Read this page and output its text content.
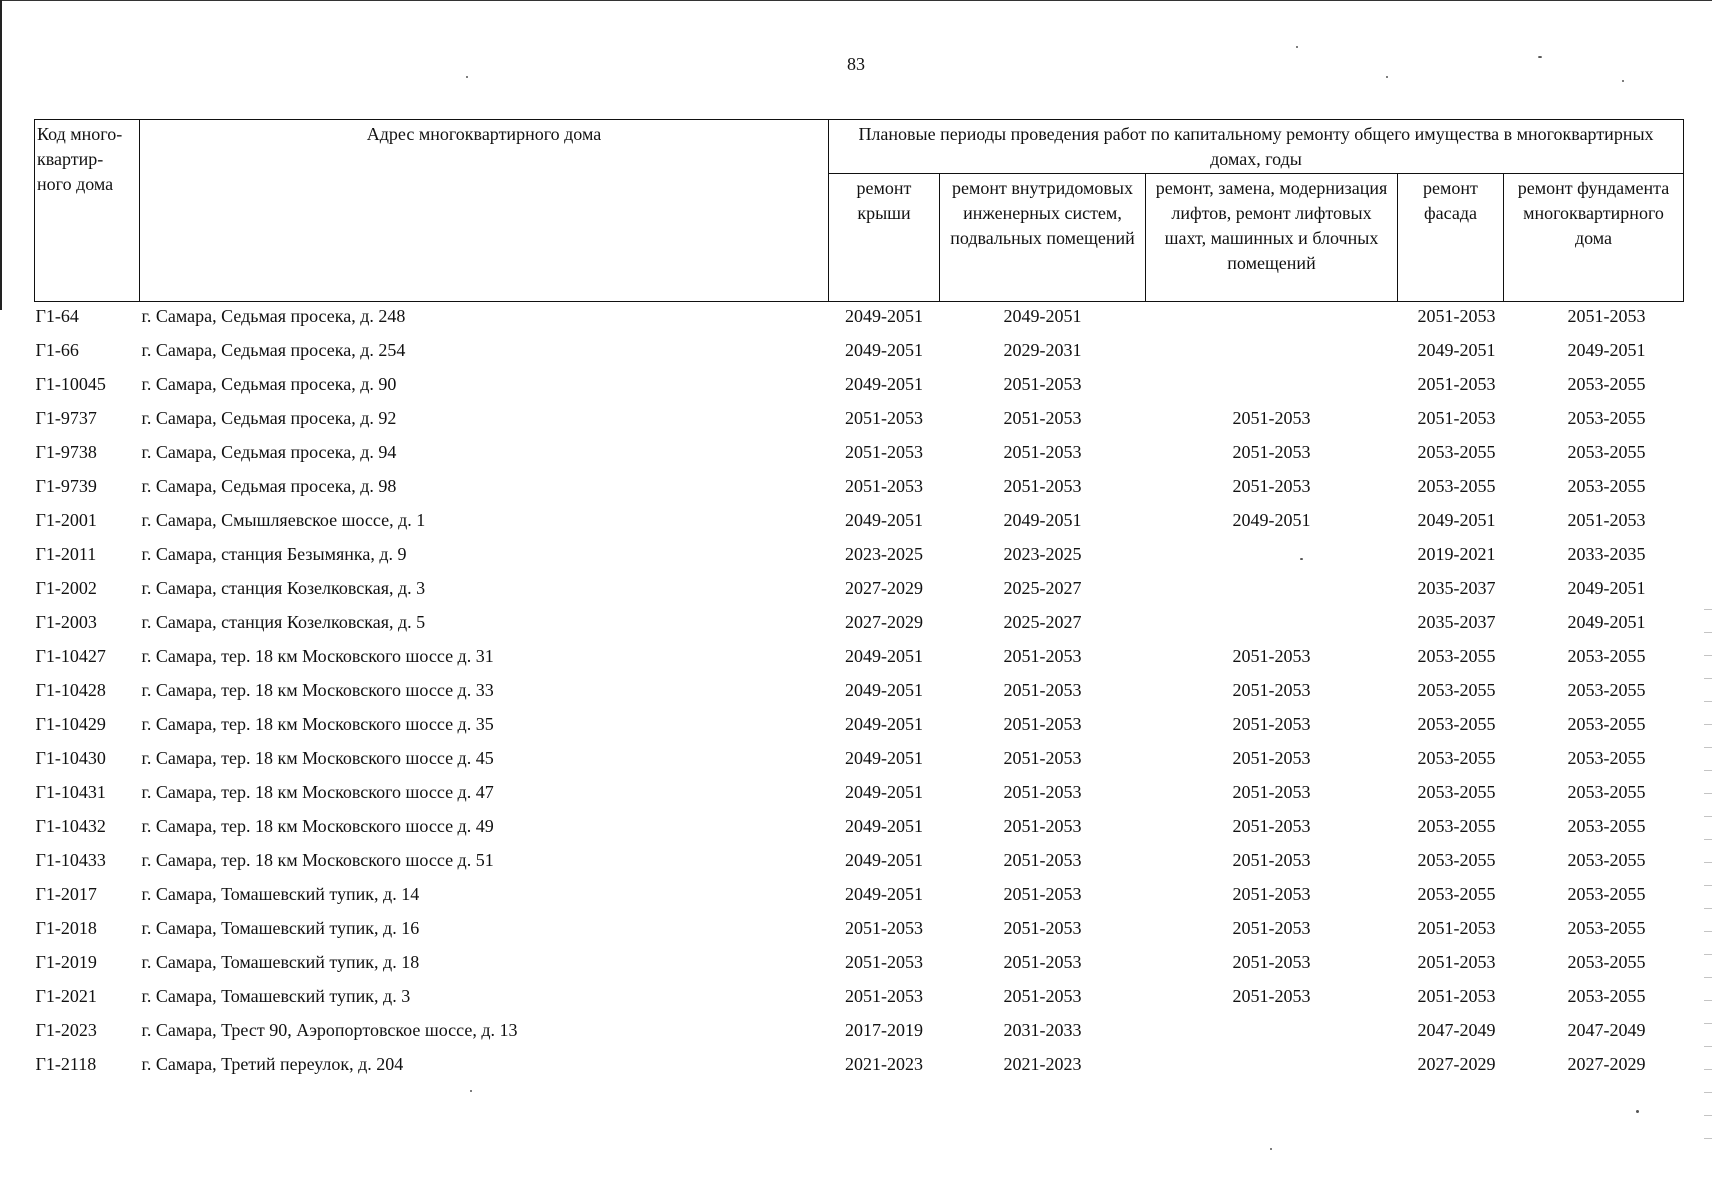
83
Код много-квартир-ного дома	Адрес многоквартирного дома	Плановые периоды проведения работ по капитальному ремонту общего имущества в многоквартирных домах, годы				
		ремонт крыши	ремонт внутридомовых инженерных систем, подвальных помещений	ремонт, замена, модернизация лифтов, ремонт лифтовых шахт, машинных и блочных помещений	ремонт фасада	ремонт фундамента многоквартирного дома
Г1-64	г. Самара, Седьмая просека, д. 248	2049-2051	2049-2051		2051-2053	2051-2053
Г1-66	г. Самара, Седьмая просека, д. 254	2049-2051	2029-2031		2049-2051	2049-2051
Г1-10045	г. Самара, Седьмая просека, д. 90	2049-2051	2051-2053		2051-2053	2053-2055
Г1-9737	г. Самара, Седьмая просека, д. 92	2051-2053	2051-2053	2051-2053	2051-2053	2053-2055
Г1-9738	г. Самара, Седьмая просека, д. 94	2051-2053	2051-2053	2051-2053	2053-2055	2053-2055
Г1-9739	г. Самара, Седьмая просека, д. 98	2051-2053	2051-2053	2051-2053	2053-2055	2053-2055
Г1-2001	г. Самара, Смышляевское шоссе, д. 1	2049-2051	2049-2051	2049-2051	2049-2051	2051-2053
Г1-2011	г. Самара, станция Безымянка, д. 9	2023-2025	2023-2025		2019-2021	2033-2035
Г1-2002	г. Самара, станция Козелковская, д. 3	2027-2029	2025-2027		2035-2037	2049-2051
Г1-2003	г. Самара, станция Козелковская, д. 5	2027-2029	2025-2027		2035-2037	2049-2051
Г1-10427	г. Самара, тер. 18 км Московского шоссе д. 31	2049-2051	2051-2053	2051-2053	2053-2055	2053-2055
Г1-10428	г. Самара, тер. 18 км Московского шоссе д. 33	2049-2051	2051-2053	2051-2053	2053-2055	2053-2055
Г1-10429	г. Самара, тер. 18 км Московского шоссе д. 35	2049-2051	2051-2053	2051-2053	2053-2055	2053-2055
Г1-10430	г. Самара, тер. 18 км Московского шоссе д. 45	2049-2051	2051-2053	2051-2053	2053-2055	2053-2055
Г1-10431	г. Самара, тер. 18 км Московского шоссе д. 47	2049-2051	2051-2053	2051-2053	2053-2055	2053-2055
Г1-10432	г. Самара, тер. 18 км Московского шоссе д. 49	2049-2051	2051-2053	2051-2053	2053-2055	2053-2055
Г1-10433	г. Самара, тер. 18 км Московского шоссе д. 51	2049-2051	2051-2053	2051-2053	2053-2055	2053-2055
Г1-2017	г. Самара, Томашевский тупик, д. 14	2049-2051	2051-2053	2051-2053	2053-2055	2053-2055
Г1-2018	г. Самара, Томашевский тупик, д. 16	2051-2053	2051-2053	2051-2053	2051-2053	2053-2055
Г1-2019	г. Самара, Томашевский тупик, д. 18	2051-2053	2051-2053	2051-2053	2051-2053	2053-2055
Г1-2021	г. Самара, Томашевский тупик, д. 3	2051-2053	2051-2053	2051-2053	2051-2053	2053-2055
Г1-2023	г. Самара, Трест 90, Аэропортовское шоссе, д. 13	2017-2019	2031-2033		2047-2049	2047-2049
Г1-2118	г. Самара, Третий переулок, д. 204	2021-2023	2021-2023		2027-2029	2027-2029
